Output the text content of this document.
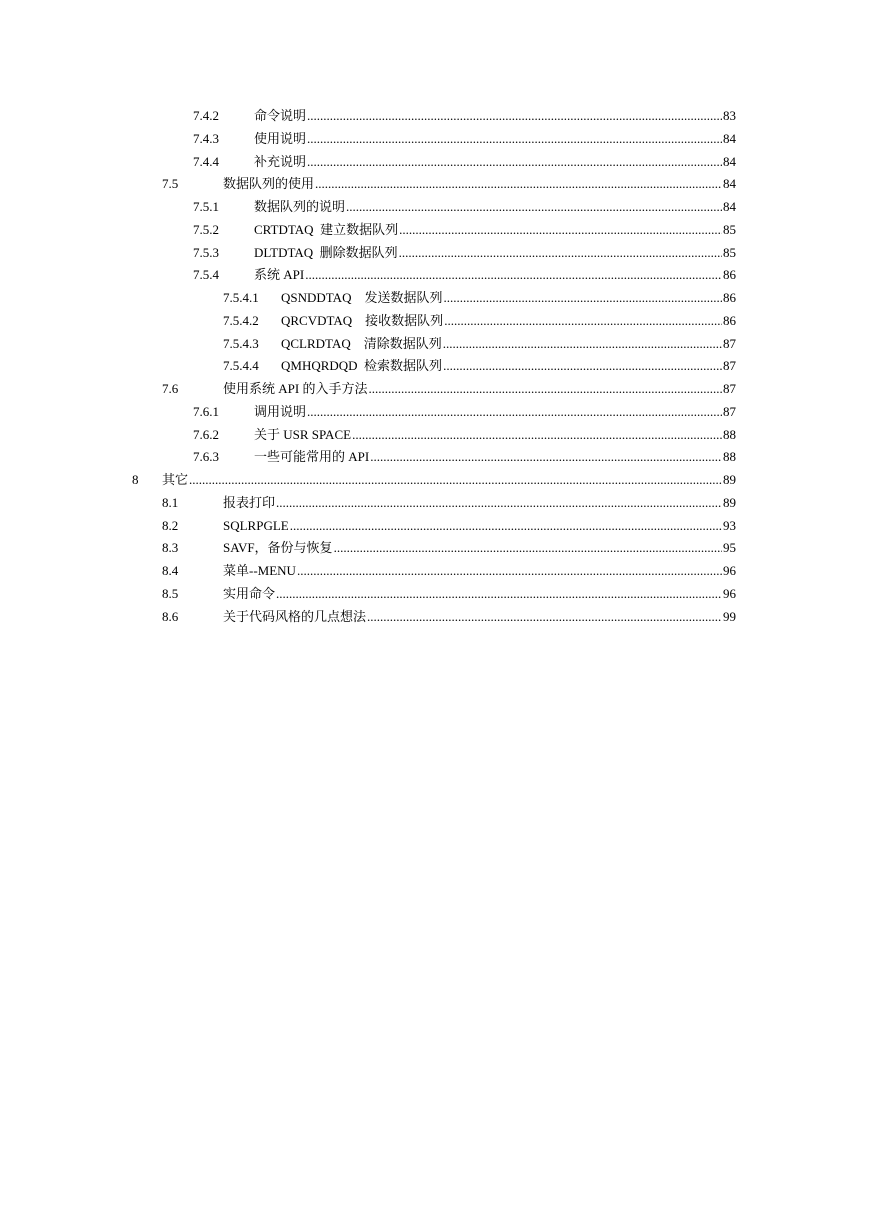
7.4.2	命令说明 .....	83
7.4.3	使用说明 .....	84
7.4.4	补充说明 .....	84
7.5	数据队列的使用 .....	84
7.5.1	数据队列的说明 .....	84
7.5.2	CRTDTAQ  建立数据队列 .....	85
7.5.3	DLTDTAQ  删除数据队列 .....	85
7.5.4	系统 API .....	86
7.5.4.1 QSNDDTAQ    发送数据队列 .....	86
7.5.4.2 QRCVDTAQ    接收数据队列 .....	86
7.5.4.3 QCLRDTAQ    清除数据队列 .....	87
7.5.4.4 QMHQRDQD  检索数据队列 .....	87
7.6	使用系统 API 的入手方法 .....	87
7.6.1	调用说明 .....	87
7.6.2	关于 USR SPACE .....	88
7.6.3	一些可能常用的 API .....	88
8 其它 .....	89
8.1	报表打印 .....	89
8.2	SQLRPGLE .....	93
8.3	SAVF，备份与恢复 .....	95
8.4	菜单--MENU .....	96
8.5	实用命令 .....	96
8.6	关于代码风格的几点想法 .....	99
